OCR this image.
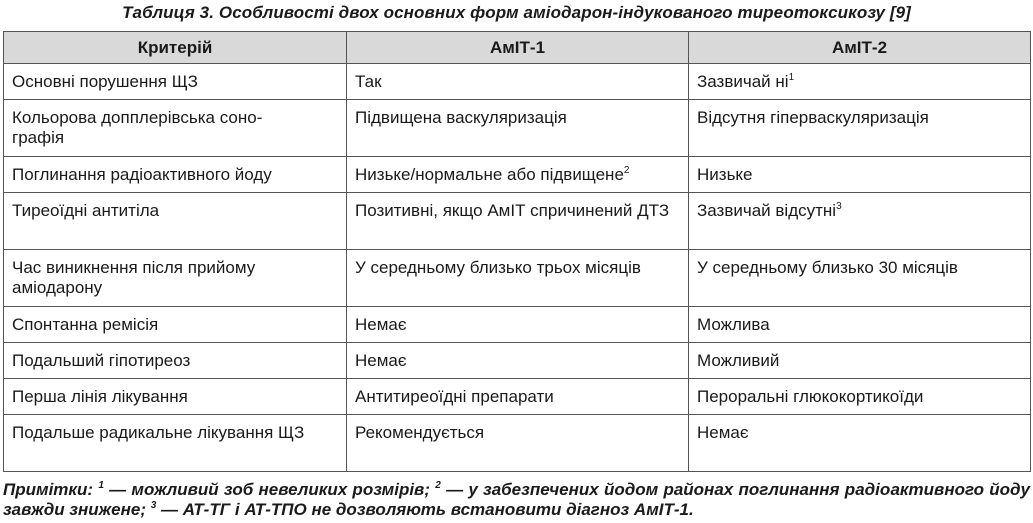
Таблиця 3. Особливості двох основних форм аміодарон-індукованого тиреотоксикозу [9]
Критерій	АмІТ-1	АмІТ-2
Основні порушення ЩЗ	Так	Зазвичай $ні^1$
Кольорова допплерівська соно-
графія	Підвищена васкуляризація	Відсутня гіперваскуляризація
Поглинання радіоактивного йоду	Низьке/нормальне або підвищене$^2$	Низьке
Тиреоїдні антитіла	Позитивні, якщо АмІТ спричинений ДТЗ	Зазвичай відсутні$^3$
Час виникнення після прийому аміодарону	У середньому близько трьох місяців	У середньому близько 30 місяців
Спонтанна ремісія	Немає	Можлива
Подальший гіпотиреоз	Немає	Можливий
Перша лінія лікування	Антитиреоїдні препарати	Пероральні глюкокортикоїди
Подальше радикальне лікування ЩЗ	Рекомендується	Немає
Примітки: $^1$ — можливий зоб невеликих розмірів; $^2$ — у забезпечених йодом районах поглинання радіоактивного йоду завжди знижене; $^3$ — АТ-ТГ і АТ-ТПО не дозволяють встановити діагноз АмІТ-1.
